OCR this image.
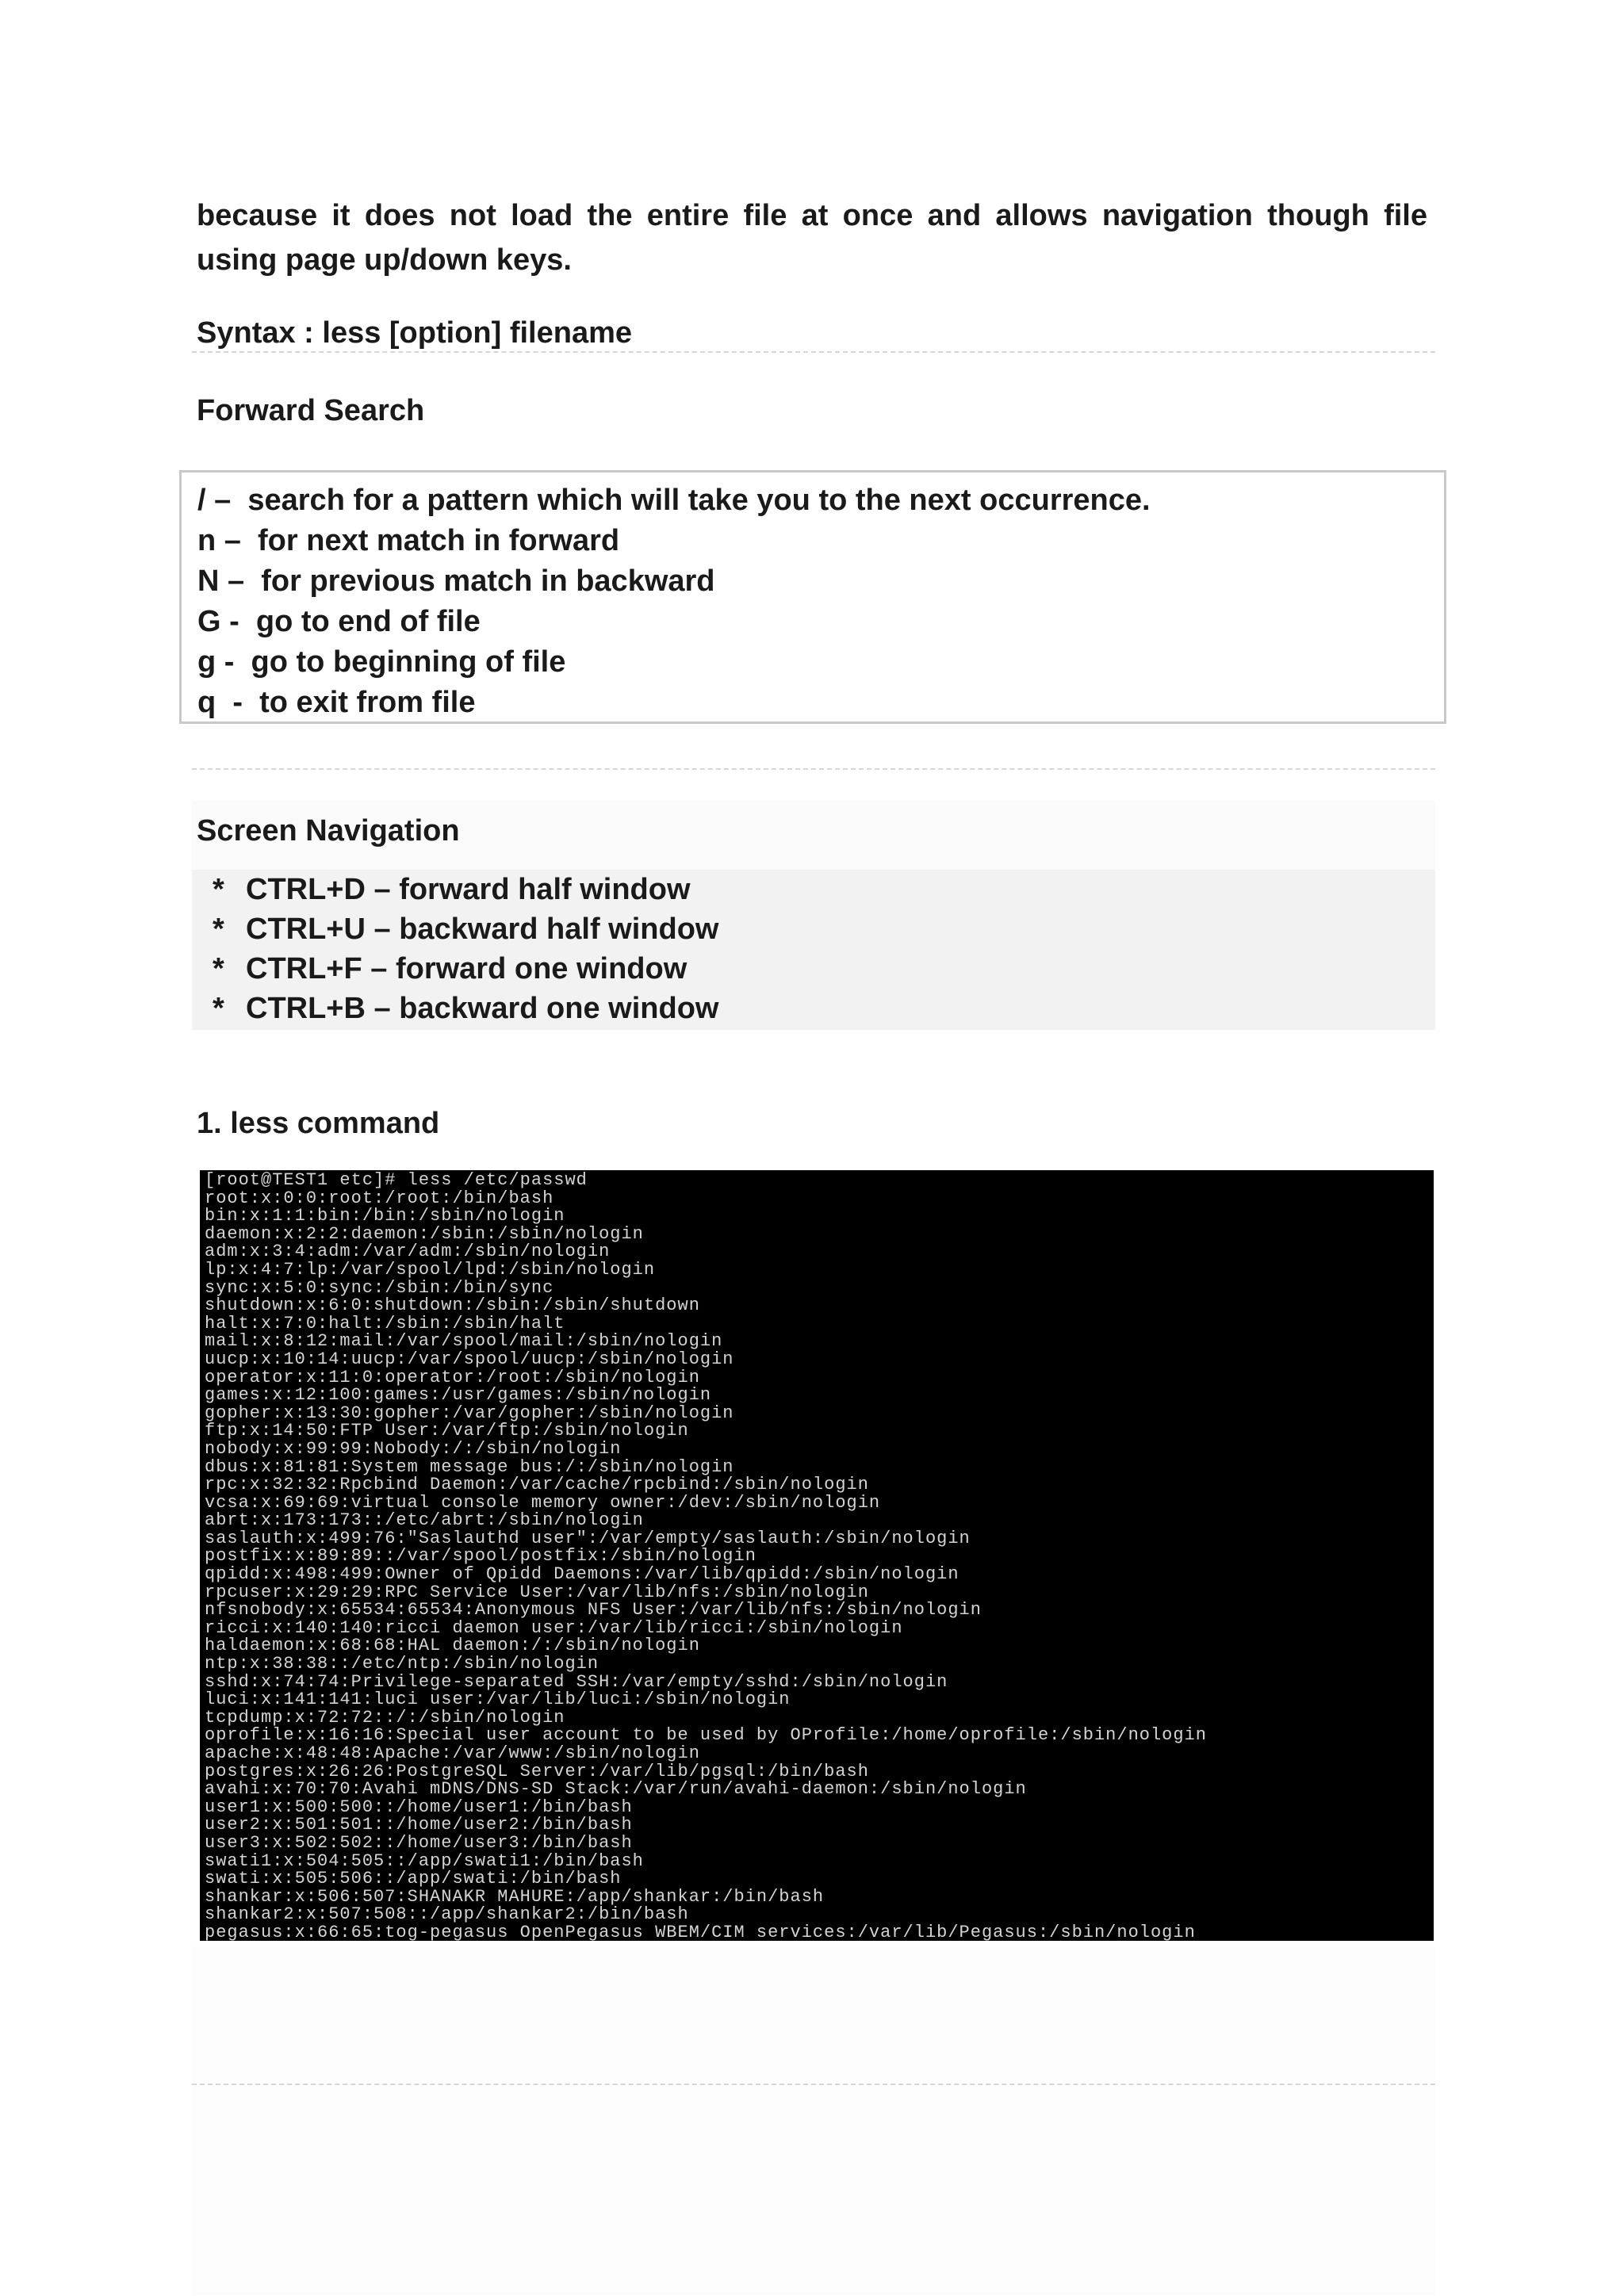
because it does not load the entire file at once and allows navigation though file using page up/down keys.

Syntax : less [option] filename

Forward Search

/ –  search for a pattern which will take you to the next occurrence.
n –  for next match in forward
N –  for previous match in backward
G -  go to end of file
g -  go to beginning of file
q  -  to exit from file

Screen Navigation

* CTRL+D – forward half window
* CTRL+U – backward half window
* CTRL+F – forward one window
* CTRL+B – backward one window

1. less command

[root@TEST1 etc]# less /etc/passwd
root:x:0:0:root:/root:/bin/bash
bin:x:1:1:bin:/bin:/sbin/nologin
daemon:x:2:2:daemon:/sbin:/sbin/nologin
adm:x:3:4:adm:/var/adm:/sbin/nologin
lp:x:4:7:lp:/var/spool/lpd:/sbin/nologin
sync:x:5:0:sync:/sbin:/bin/sync
shutdown:x:6:0:shutdown:/sbin:/sbin/shutdown
halt:x:7:0:halt:/sbin:/sbin/halt
mail:x:8:12:mail:/var/spool/mail:/sbin/nologin
uucp:x:10:14:uucp:/var/spool/uucp:/sbin/nologin
operator:x:11:0:operator:/root:/sbin/nologin
games:x:12:100:games:/usr/games:/sbin/nologin
gopher:x:13:30:gopher:/var/gopher:/sbin/nologin
ftp:x:14:50:FTP User:/var/ftp:/sbin/nologin
nobody:x:99:99:Nobody:/:/sbin/nologin
dbus:x:81:81:System message bus:/:/sbin/nologin
rpc:x:32:32:Rpcbind Daemon:/var/cache/rpcbind:/sbin/nologin
vcsa:x:69:69:virtual console memory owner:/dev:/sbin/nologin
abrt:x:173:173::/etc/abrt:/sbin/nologin
saslauth:x:499:76:"Saslauthd user":/var/empty/saslauth:/sbin/nologin
postfix:x:89:89::/var/spool/postfix:/sbin/nologin
qpidd:x:498:499:Owner of Qpidd Daemons:/var/lib/qpidd:/sbin/nologin
rpcuser:x:29:29:RPC Service User:/var/lib/nfs:/sbin/nologin
nfsnobody:x:65534:65534:Anonymous NFS User:/var/lib/nfs:/sbin/nologin
ricci:x:140:140:ricci daemon user:/var/lib/ricci:/sbin/nologin
haldaemon:x:68:68:HAL daemon:/:/sbin/nologin
ntp:x:38:38::/etc/ntp:/sbin/nologin
sshd:x:74:74:Privilege-separated SSH:/var/empty/sshd:/sbin/nologin
luci:x:141:141:luci user:/var/lib/luci:/sbin/nologin
tcpdump:x:72:72::/:/sbin/nologin
oprofile:x:16:16:Special user account to be used by OProfile:/home/oprofile:/sbin/nologin
apache:x:48:48:Apache:/var/www:/sbin/nologin
postgres:x:26:26:PostgreSQL Server:/var/lib/pgsql:/bin/bash
avahi:x:70:70:Avahi mDNS/DNS-SD Stack:/var/run/avahi-daemon:/sbin/nologin
user1:x:500:500::/home/user1:/bin/bash
user2:x:501:501::/home/user2:/bin/bash
user3:x:502:502::/home/user3:/bin/bash
swati1:x:504:505::/app/swati1:/bin/bash
swati:x:505:506::/app/swati:/bin/bash
shankar:x:506:507:SHANAKR MAHURE:/app/shankar:/bin/bash
shankar2:x:507:508::/app/shankar2:/bin/bash
pegasus:x:66:65:tog-pegasus OpenPegasus WBEM/CIM services:/var/lib/Pegasus:/sbin/nologin
